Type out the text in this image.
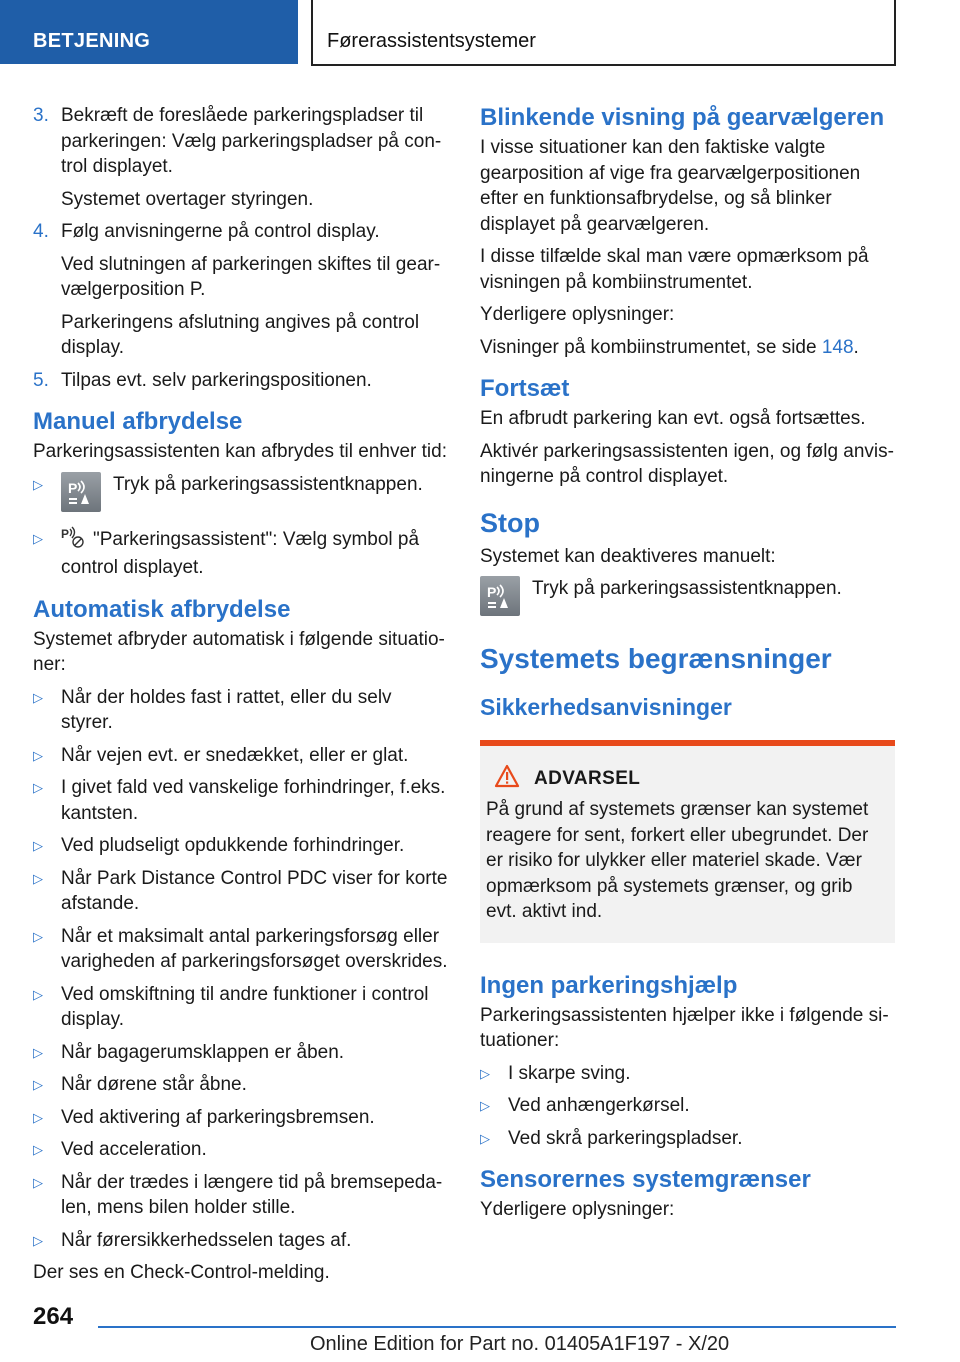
BETJENING	Førerassistentsystemer
3. Bekræft de foreslåede parkeringspladser til parkeringen: Vælg parkeringspladser på control displayet.

Systemet overtager styringen.

4. Følg anvisningerne på control display.

Ved slutningen af parkeringen skiftes til gearvælgerposition P.

Parkeringens afslutning angives på control display.

5. Tilpas evt. selv parkeringspositionen.

Manuel afbrydelse

Parkeringsassistenten kan afbrydes til enhver tid:

▷ P Tryk på parkeringsassistentknappen.
▷ P "Parkeringsassistent": Vælg symbol på control displayet.
Automatisk afbrydelse

Systemet afbryder automatisk i følgende situationer:

▷ Når der holdes fast i rattet, eller du selv styrer.
▷ Når vejen evt. er snedækket, eller er glat.
▷ I givet fald ved vanskelige forhindringer, f.eks. kantsten.
▷ Ved pludseligt opdukkende forhindringer.
▷ Når Park Distance Control PDC viser for korte afstande.
▷ Når et maksimalt antal parkeringsforsøg eller varigheden af parkeringsforsøget overskrides.
▷ Ved omskiftning til andre funktioner i control display.
▷ Når bagagerumsklappen er åben.
▷ Når dørene står åbne.
▷ Ved aktivering af parkeringsbremsen.
▷ Ved acceleration.
▷ Når der trædes i længere tid på bremsepedalen, mens bilen holder stille.
▷ Når førersikkerhedsselen tages af.

Der ses en Check-Control-melding.

Blinkende visning på gearvælgeren

I visse situationer kan den faktiske valgte gearposition af vige fra gearvælgerpositionen efter en funktionsafbrydelse, og så blinker displayet på gearvælgeren.

I disse tilfælde skal man være opmærksom på visningen på kombiinstrumentet.

Yderligere oplysninger:

Visninger på kombiinstrumentet, se side 148.

Fortsæt

En afbrudt parkering kan evt. også fortsættes.

Aktivér parkeringsassistenten igen, og følg anvisningerne på control displayet.

Stop

Systemet kan deaktiveres manuelt:

P Tryk på parkeringsassistentknappen.
Systemets begrænsninger
Sikkerhedsanvisninger
ADVARSEL

På grund af systemets grænser kan systemet reagere for sent, forkert eller ubegrundet. Der er risiko for ulykker eller materiel skade. Vær opmærksom på systemets grænser, og grib evt. aktivt ind.

Ingen parkeringshjælp

Parkeringsassistenten hjælper ikke i følgende situationer:

▷ I skarpe sving.
▷ Ved anhængerkørsel.
▷ Ved skrå parkeringspladser.
Sensorernes systemgrænser

Yderligere oplysninger:

264
Online Edition for Part no. 01405A1F197 - X/20
